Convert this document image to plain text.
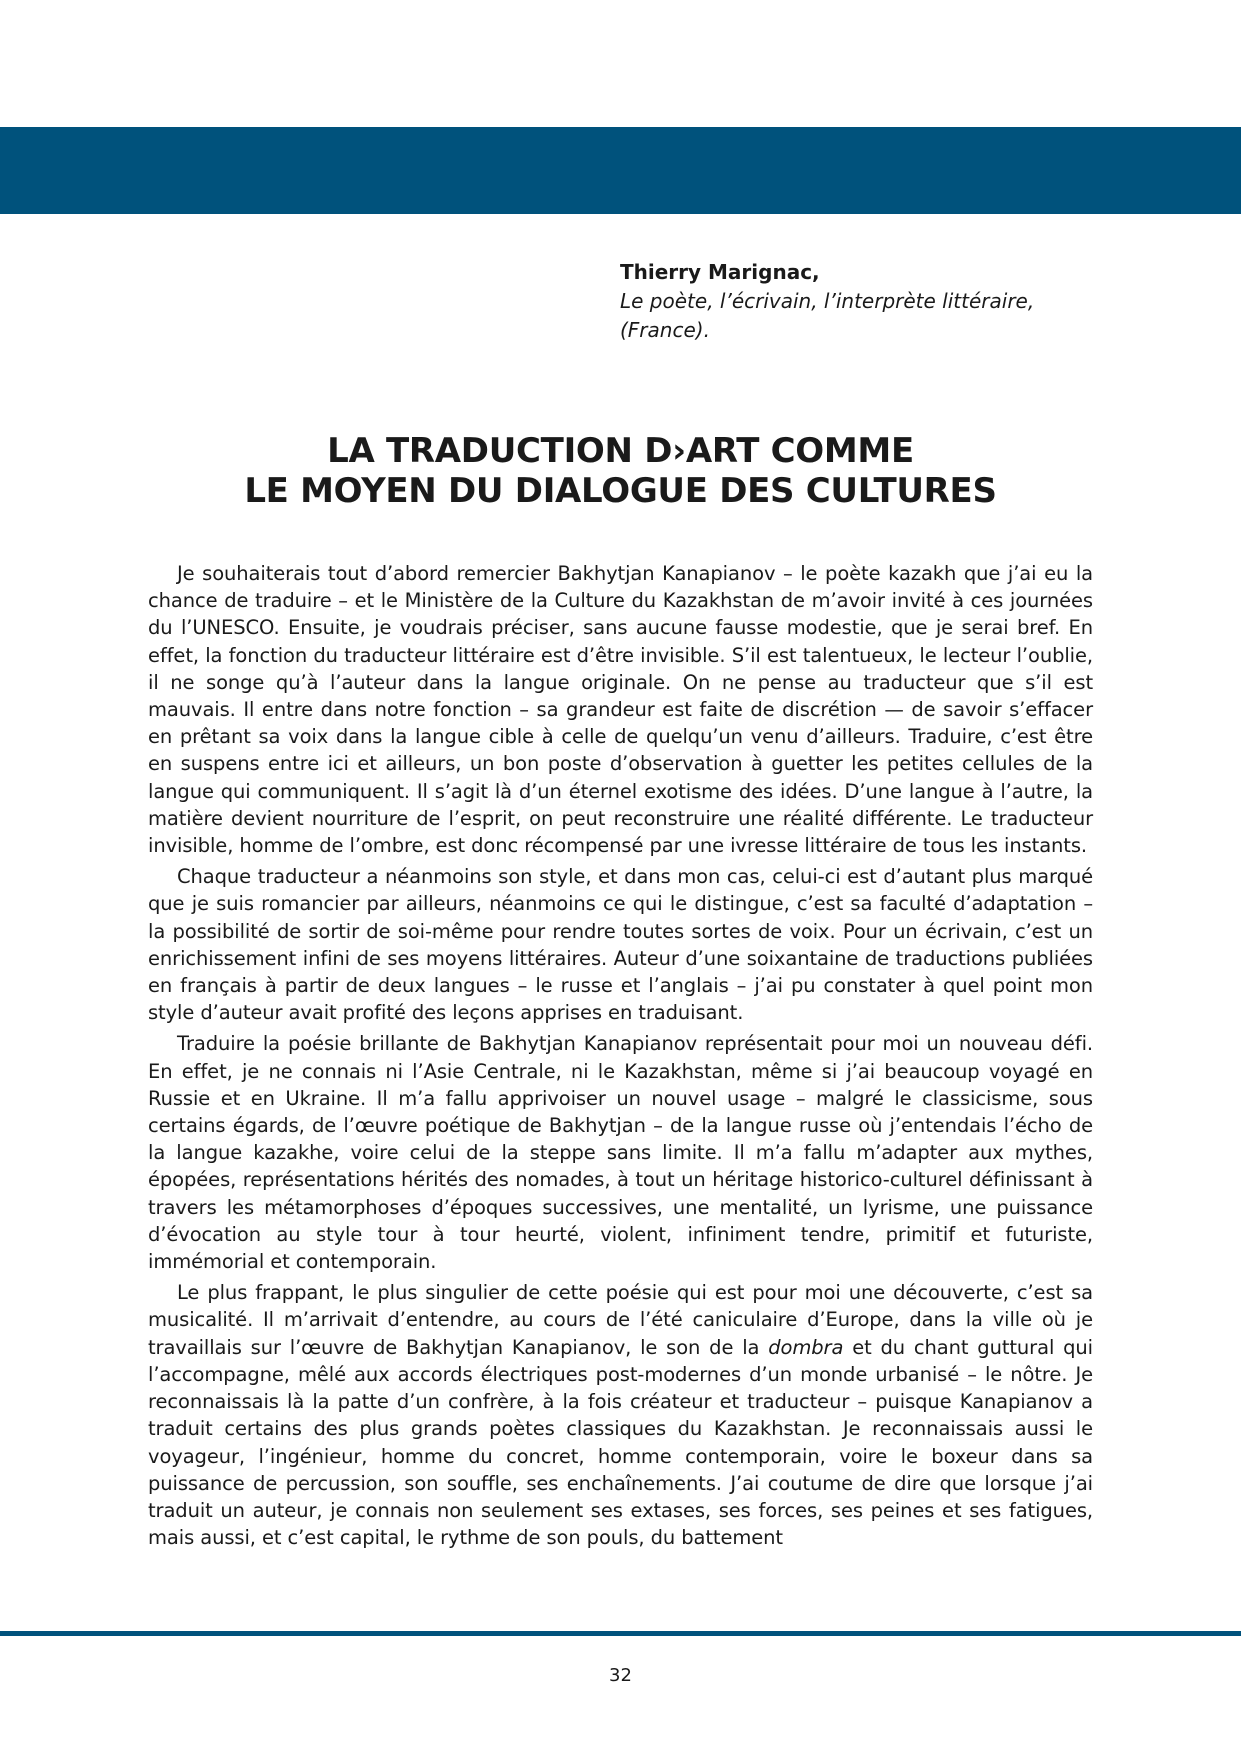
Thierry Marignac,

Le poète, l’écrivain, l’interprète littéraire,

(France).

LA TRADUCTION D›ART COMME

LE MOYEN DU DIALOGUE DES CULTURES

Je souhaiterais tout d’abord remercier Bakhytjan Kanapianov – le poète kazakh que j’ai eu la chance de traduire – et le Ministère de la Culture du Kazakhstan de m’avoir invité à ces journées du l’UNESCO. Ensuite, je voudrais préciser, sans aucune fausse modestie, que je serai bref. En effet, la fonction du traducteur littéraire est d’être invisible. S’il est talentueux, le lecteur l’oublie, il ne songe qu’à l’auteur dans la langue originale. On ne pense au traducteur que s’il est mauvais. Il entre dans notre fonction – sa grandeur est faite de discrétion — de savoir s’effacer en prêtant sa voix dans la langue cible à celle de quelqu’un venu d’ailleurs. Traduire, c’est être en suspens entre ici et ailleurs, un bon poste d’observation à guetter les petites cellules de la langue qui communiquent. Il s’agit là d’un éternel exotisme des idées. D’une langue à l’autre, la matière devient nourriture de l’esprit, on peut reconstruire une réalité différente. Le traducteur invisible, homme de l’ombre, est donc récompensé par une ivresse littéraire de tous les instants.

Chaque traducteur a néanmoins son style, et dans mon cas, celui-ci est d’autant plus marqué que je suis romancier par ailleurs, néanmoins ce qui le distingue, c’est sa faculté d’adaptation – la possibilité de sortir de soi-même pour rendre toutes sortes de voix. Pour un écrivain, c’est un enrichissement infini de ses moyens littéraires. Auteur d’une soixantaine de traductions publiées en français à partir de deux langues – le russe et l’anglais – j’ai pu constater à quel point mon style d’auteur avait profité des leçons apprises en traduisant.

Traduire la poésie brillante de Bakhytjan Kanapianov représentait pour moi un nouveau défi. En effet, je ne connais ni l’Asie Centrale, ni le Kazakhstan, même si j’ai beaucoup voyagé en Russie et en Ukraine. Il m’a fallu apprivoiser un nouvel usage – malgré le classicisme, sous certains égards, de l’œuvre poétique de Bakhytjan – de la langue russe où j’entendais l’écho de la langue kazakhe, voire celui de la steppe sans limite. Il m’a fallu m’adapter aux mythes, épopées, représentations hérités des nomades, à tout un héritage historico-culturel définissant à travers les métamorphoses d’époques successives, une mentalité, un lyrisme, une puissance d’évocation au style tour à tour heurté, violent, infiniment tendre, primitif et futuriste, immémorial et contemporain.

Le plus frappant, le plus singulier de cette poésie qui est pour moi une découverte, c’est sa musicalité. Il m’arrivait d’entendre, au cours de l’été caniculaire d’Europe, dans la ville où je travaillais sur l’œuvre de Bakhytjan Kanapianov, le son de la dombra et du chant guttural qui l’accompagne, mêlé aux accords électriques post-modernes d’un monde urbanisé – le nôtre. Je reconnaissais là la patte d’un confrère, à la fois créateur et traducteur – puisque Kanapianov a traduit certains des plus grands poètes classiques du Kazakhstan. Je reconnaissais aussi le voyageur, l’ingénieur, homme du concret, homme contemporain, voire le boxeur dans sa puissance de percussion, son souffle, ses enchaînements. J’ai coutume de dire que lorsque j’ai traduit un auteur, je connais non seulement ses extases, ses forces, ses peines et ses fatigues, mais aussi, et c’est capital, le rythme de son pouls, du battement

32
